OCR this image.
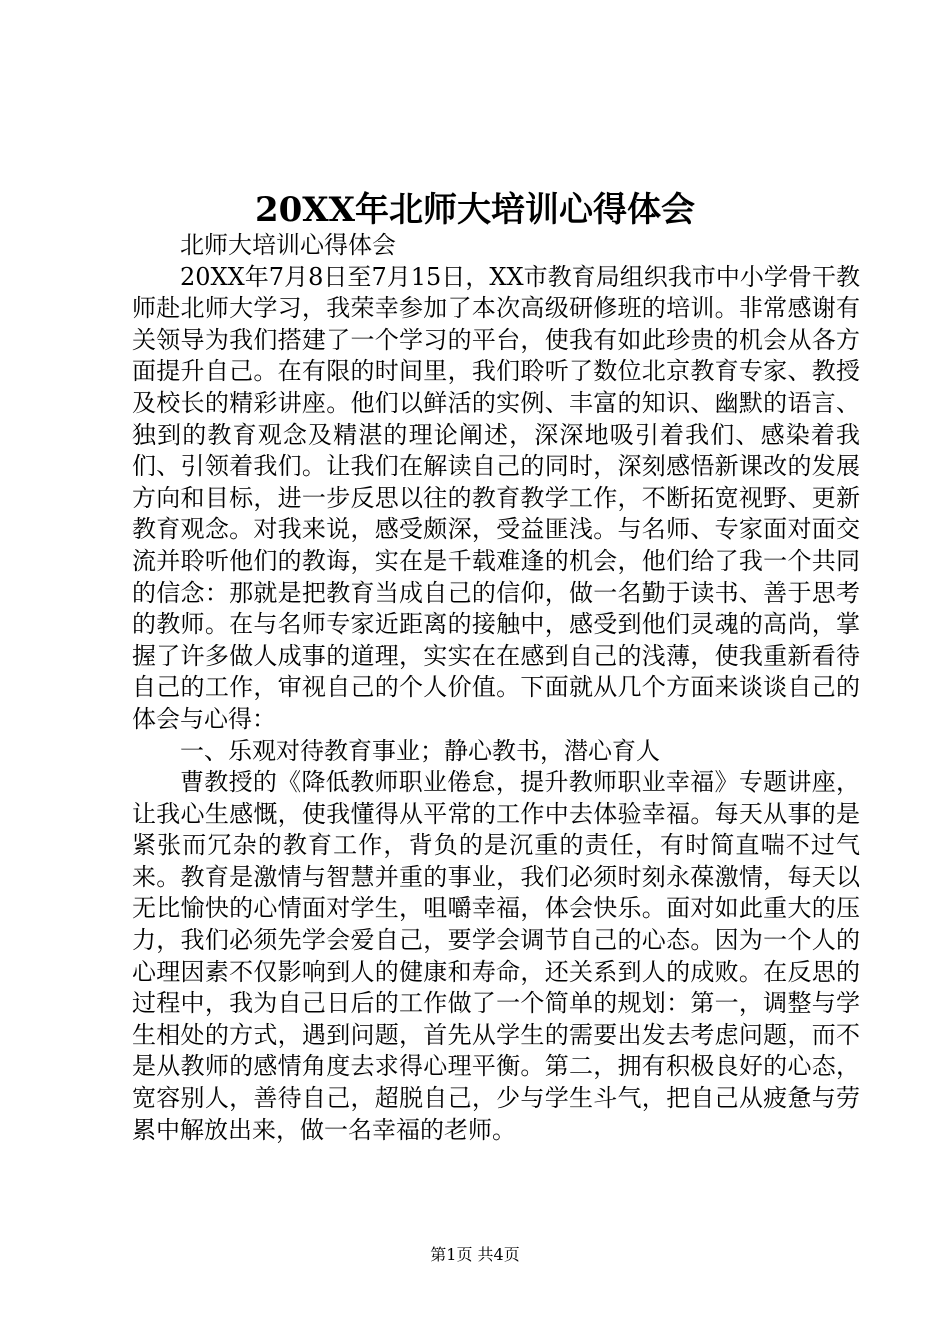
20XX年北师大培训心得体会

北师大培训心得体会

20XX年7月8日至7月15日，XX市教育局组织我市中小学骨干教师赴北师大学习，我荣幸参加了本次高级研修班的培训。非常感谢有关领导为我们搭建了一个学习的平台，使我有如此珍贵的机会从各方面提升自己。在有限的时间里，我们聆听了数位北京教育专家、教授及校长的精彩讲座。他们以鲜活的实例、丰富的知识、幽默的语言、独到的教育观念及精湛的理论阐述，深深地吸引着我们、感染着我们、引领着我们。让我们在解读自己的同时，深刻感悟新课改的发展方向和目标，进一步反思以往的教育教学工作，不断拓宽视野、更新教育观念。对我来说，感受颇深，受益匪浅。与名师、专家面对面交流并聆听他们的教诲，实在是千载难逢的机会，他们给了我一个共同的信念：那就是把教育当成自己的信仰，做一名勤于读书、善于思考的教师。在与名师专家近距离的接触中，感受到他们灵魂的高尚，掌握了许多做人成事的道理，实实在在感到自己的浅薄，使我重新看待自己的工作，审视自己的个人价值。下面就从几个方面来谈谈自己的体会与心得：

一、乐观对待教育事业；静心教书，潜心育人

曹教授的《降低教师职业倦怠，提升教师职业幸福》专题讲座，让我心生感慨，使我懂得从平常的工作中去体验幸福。每天从事的是紧张而冗杂的教育工作，背负的是沉重的责任，有时简直喘不过气来。教育是激情与智慧并重的事业，我们必须时刻永葆激情，每天以无比愉快的心情面对学生，咀嚼幸福，体会快乐。面对如此重大的压力，我们必须先学会爱自己，要学会调节自己的心态。因为一个人的心理因素不仅影响到人的健康和寿命，还关系到人的成败。在反思的过程中，我为自己日后的工作做了一个简单的规划：第一，调整与学生相处的方式，遇到问题，首先从学生的需要出发去考虑问题，而不是从教师的感情角度去求得心理平衡。第二，拥有积极良好的心态，宽容别人，善待自己，超脱自己，少与学生斗气，把自己从疲惫与劳累中解放出来，做一名幸福的老师。

第1页 共4页
